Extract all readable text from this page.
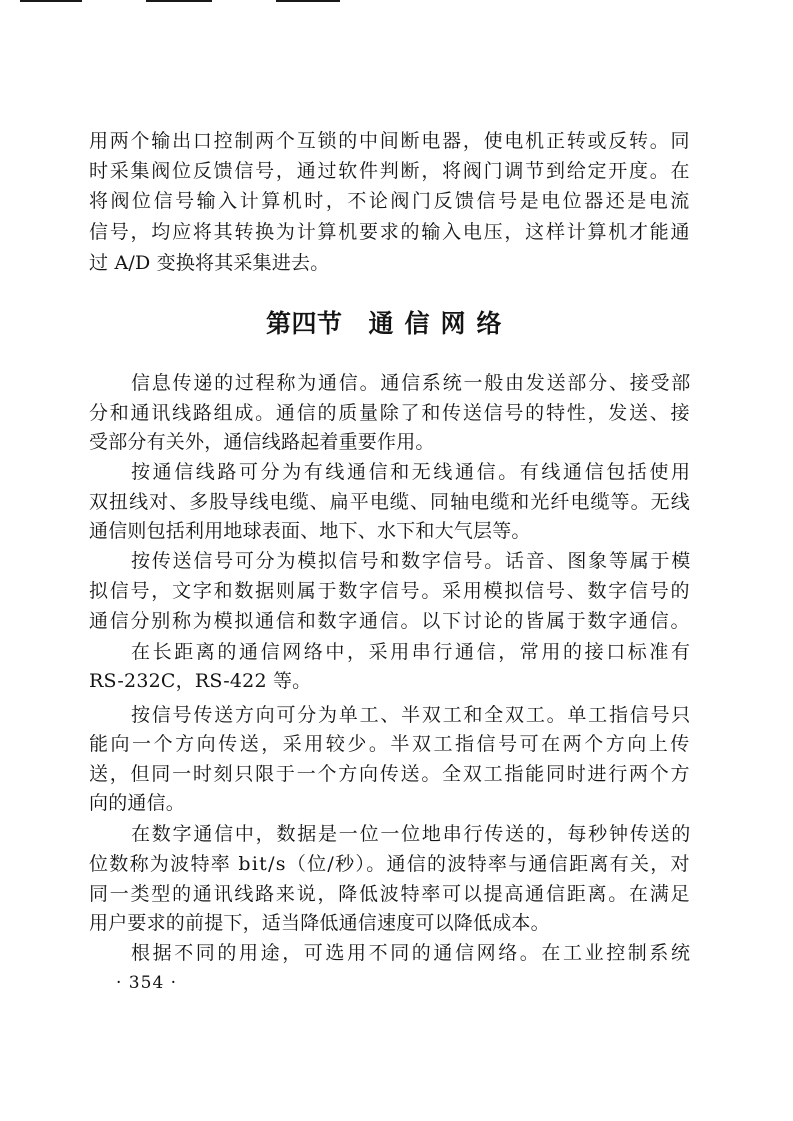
用两个输出口控制两个互锁的中间断电器，使电机正转或反转。同
时采集阀位反馈信号，通过软件判断，将阀门调节到给定开度。在
将阀位信号输入计算机时，不论阀门反馈信号是电位器还是电流
信号，均应将其转换为计算机要求的输入电压，这样计算机才能通
过 A/D 变换将其采集进去。
第四节 通信网络
信息传递的过程称为通信。通信系统一般由发送部分、接受部
分和通讯线路组成。通信的质量除了和传送信号的特性，发送、接
受部分有关外，通信线路起着重要作用。
按通信线路可分为有线通信和无线通信。有线通信包括使用
双扭线对、多股导线电缆、扁平电缆、同轴电缆和光纤电缆等。无线
通信则包括利用地球表面、地下、水下和大气层等。
按传送信号可分为模拟信号和数字信号。话音、图象等属于模
拟信号，文字和数据则属于数字信号。采用模拟信号、数字信号的
通信分别称为模拟通信和数字通信。以下讨论的皆属于数字通信。
在长距离的通信网络中，采用串行通信，常用的接口标准有
RS-232C，RS-422 等。
按信号传送方向可分为单工、半双工和全双工。单工指信号只
能向一个方向传送，采用较少。半双工指信号可在两个方向上传
送，但同一时刻只限于一个方向传送。全双工指能同时进行两个方
向的通信。
在数字通信中，数据是一位一位地串行传送的，每秒钟传送的
位数称为波特率 bit/s（位/秒）。通信的波特率与通信距离有关，对
同一类型的通讯线路来说，降低波特率可以提高通信距离。在满足
用户要求的前提下，适当降低通信速度可以降低成本。
根据不同的用途，可选用不同的通信网络。在工业控制系统
· 354 ·
